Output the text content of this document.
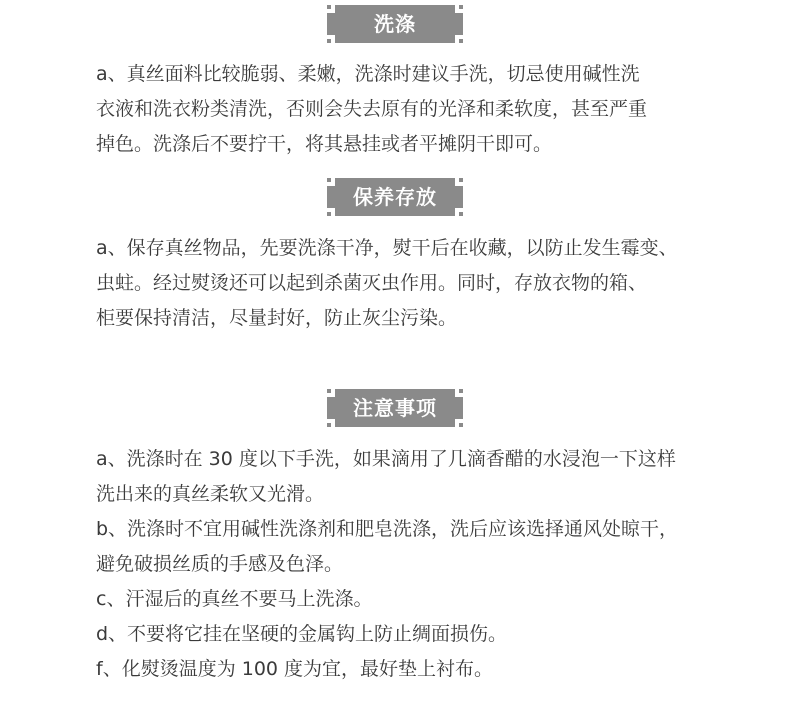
洗涤
a、真丝面料比较脆弱、柔嫩，洗涤时建议手洗，切忌使用碱性洗
衣液和洗衣粉类清洗，否则会失去原有的光泽和柔软度，甚至严重
掉色。洗涤后不要拧干，将其悬挂或者平摊阴干即可。
保养存放
a、保存真丝物品，先要洗涤干净，熨干后在收藏，以防止发生霉变、
虫蛀。经过熨烫还可以起到杀菌灭虫作用。同时，存放衣物的箱、
柜要保持清洁，尽量封好，防止灰尘污染。
注意事项
a、洗涤时在 30 度以下手洗，如果滴用了几滴香醋的水浸泡一下这样
洗出来的真丝柔软又光滑。
b、洗涤时不宜用碱性洗涤剂和肥皂洗涤，洗后应该选择通风处晾干，
避免破损丝质的手感及色泽。
c、汗湿后的真丝不要马上洗涤。
d、不要将它挂在坚硬的金属钩上防止绸面损伤。
f、化熨烫温度为 100 度为宜，最好垫上衬布。
